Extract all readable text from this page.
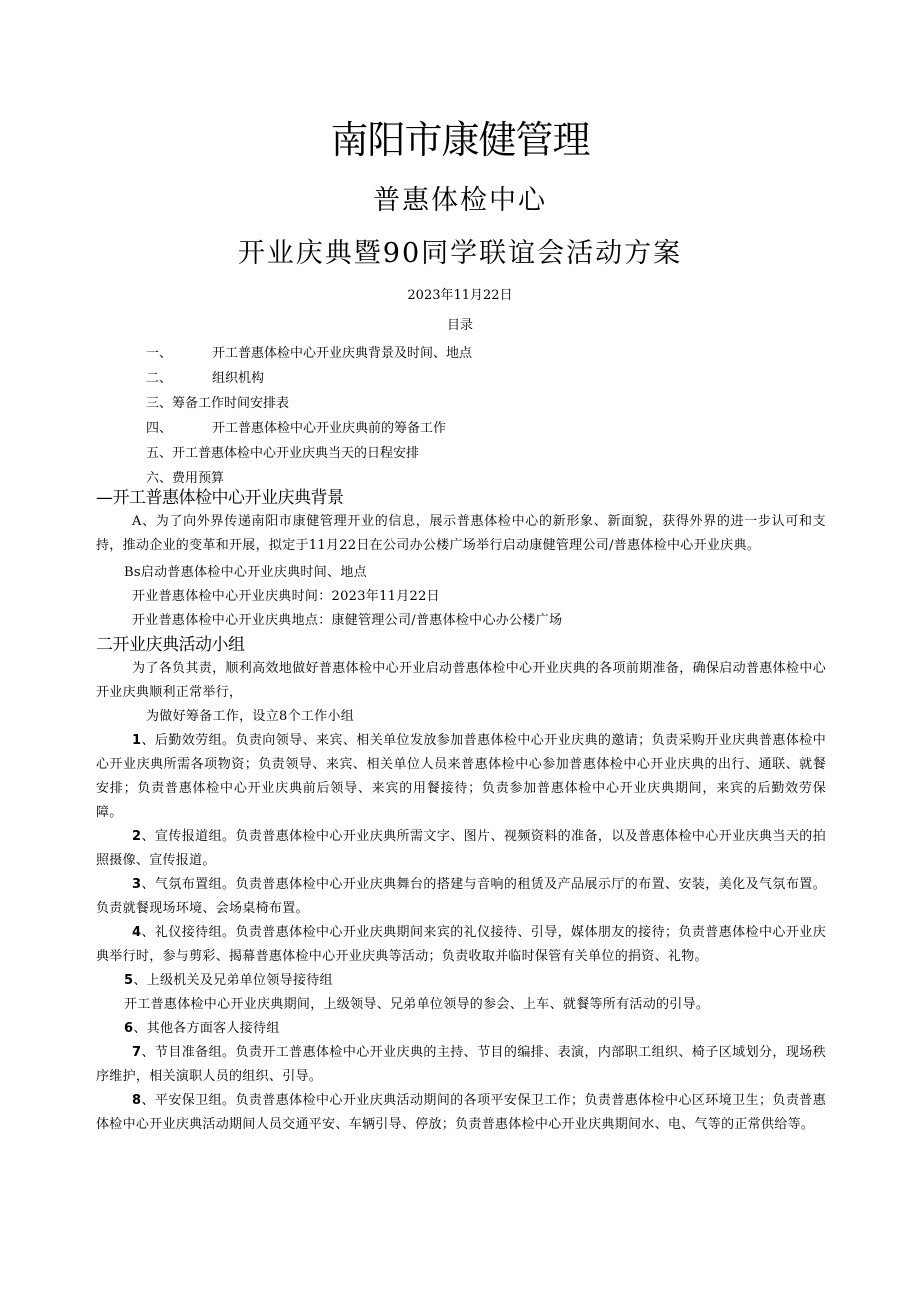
南阳市康健管理
普惠体检中心
开业庆典暨90同学联谊会活动方案
2023年11月22日
目录
一、	开工普惠体检中心开业庆典背景及时间、地点
二、	组织机构
三、筹备工作时间安排表
四、	开工普惠体检中心开业庆典前的筹备工作
五、开工普惠体检中心开业庆典当天的日程安排
六、费用预算

—开工普惠体检中心开业庆典背景

A、为了向外界传递南阳市康健管理开业的信息，展示普惠体检中心的新形象、新面貌，获得外界的进一步认可和支持，推动企业的变革和开展，拟定于11月22日在公司办公楼广场举行启动康健管理公司/普惠体检中心开业庆典。

Bs启动普惠体检中心开业庆典时间、地点

开业普惠体检中心开业庆典时间：2023年11月22日

开业普惠体检中心开业庆典地点：康健管理公司/普惠体检中心办公楼广场

二开业庆典活动小组

为了各负其责，顺利高效地做好普惠体检中心开业启动普惠体检中心开业庆典的各项前期准备，确保启动普惠体检中心开业庆典顺利正常举行，

为做好筹备工作，设立8个工作小组

1、后勤效劳组。负责向领导、来宾、相关单位发放参加普惠体检中心开业庆典的邀请；负责采购开业庆典普惠体检中心开业庆典所需各项物资；负责领导、来宾、相关单位人员来普惠体检中心参加普惠体检中心开业庆典的出行、通联、就餐安排；负责普惠体检中心开业庆典前后领导、来宾的用餐接待；负责参加普惠体检中心开业庆典期间，来宾的后勤效劳保障。

2、宣传报道组。负责普惠体检中心开业庆典所需文字、图片、视频资料的准备，以及普惠体检中心开业庆典当天的拍照摄像、宣传报道。

3、气氛布置组。负责普惠体检中心开业庆典舞台的搭建与音响的租赁及产品展示厅的布置、安装，美化及气氛布置。负责就餐现场环境、会场桌椅布置。

4、礼仪接待组。负责普惠体检中心开业庆典期间来宾的礼仪接待、引导，媒体朋友的接待；负责普惠体检中心开业庆典举行时，参与剪彩、揭幕普惠体检中心开业庆典等活动；负责收取并临时保管有关单位的捐资、礼物。

5、上级机关及兄弟单位领导接待组

开工普惠体检中心开业庆典期间，上级领导、兄弟单位领导的参会、上车、就餐等所有活动的引导。

6、其他各方面客人接待组

7、节目准备组。负责开工普惠体检中心开业庆典的主持、节目的编排、表演，内部职工组织、椅子区域划分，现场秩序维护，相关演职人员的组织、引导。

8、平安保卫组。负责普惠体检中心开业庆典活动期间的各项平安保卫工作；负责普惠体检中心区环境卫生；负责普惠体检中心开业庆典活动期间人员交通平安、车辆引导、停放；负责普惠体检中心开业庆典期间水、电、气等的正常供给等。
